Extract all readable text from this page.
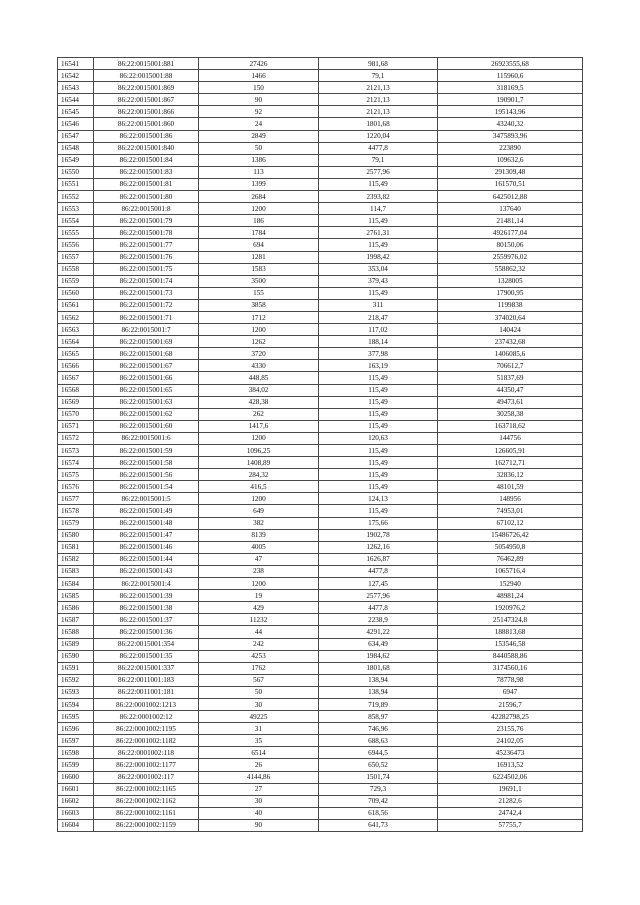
16541	86:22:0015001:881	27426	981,68	26923555,68
16542	86:22:0015001:88	1466	79,1	115960,6
16543	86:22:0015001:869	150	2121,13	318169,5
16544	86:22:0015001:867	90	2121,13	190901,7
16545	86:22:0015001:866	92	2121,13	195143,96
16546	86:22:0015001:860	24	1801,68	43240,32
16547	86:22:0015001:86	2849	1220,04	3475893,96
16548	86:22:0015001:840	50	4477,8	223890
16549	86:22:0015001:84	1386	79,1	109632,6
16550	86:22:0015001:83	113	2577,96	291309,48
16551	86:22:0015001:81	1399	115,49	161570,51
16552	86:22:0015001:80	2684	2393,82	6425012,88
16553	86:22:0015001:8	1200	114,7	137640
16554	86:22:0015001:79	186	115,49	21481,14
16555	86:22:0015001:78	1784	2761,31	4926177,04
16556	86:22:0015001:77	694	115,49	80150,06
16557	86:22:0015001:76	1281	1998,42	2559976,02
16558	86:22:0015001:75	1583	353,04	558862,32
16559	86:22:0015001:74	3500	379,43	1328005
16560	86:22:0015001:73	155	115,49	17900,95
16561	86:22:0015001:72	3858	311	1199838
16562	86:22:0015001:71	1712	218,47	374020,64
16563	86:22:0015001:7	1200	117,02	140424
16564	86:22:0015001:69	1262	188,14	237432,68
16565	86:22:0015001:68	3720	377,98	1406085,6
16566	86:22:0015001:67	4330	163,19	706612,7
16567	86:22:0015001:66	448,85	115,49	51837,69
16568	86:22:0015001:65	384,02	115,49	44350,47
16569	86:22:0015001:63	428,38	115,49	49473,61
16570	86:22:0015001:62	262	115,49	30258,38
16571	86:22:0015001:60	1417,6	115,49	163718,62
16572	86:22:0015001:6	1200	120,63	144756
16573	86:22:0015001:59	1096,25	115,49	126605,91
16574	86:22:0015001:58	1408,89	115,49	162712,71
16575	86:22:0015001:56	284,32	115,49	32836,12
16576	86:22:0015001:54	416,5	115,49	48101,59
16577	86:22:0015001:5	1200	124,13	148956
16578	86:22:0015001:49	649	115,49	74953,01
16579	86:22:0015001:48	382	175,66	67102,12
16580	86:22:0015001:47	8139	1902,78	15486726,42
16581	86:22:0015001:46	4005	1262,16	5054950,8
16582	86:22:0015001:44	47	1626,87	76462,89
16583	86:22:0015001:43	238	4477,8	1065716,4
16584	86:22:0015001:4	1200	127,45	152940
16585	86:22:0015001:39	19	2577,96	48981,24
16586	86:22:0015001:38	429	4477,8	1920976,2
16587	86:22:0015001:37	11232	2238,9	25147324,8
16588	86:22:0015001:36	44	4291,22	188813,68
16589	86:22:0015001:354	242	634,49	153546,58
16590	86:22:0015001:35	4253	1984,62	8440588,86
16591	86:22:0015001:337	1762	1801,68	3174560,16
16592	86:22:0011001:183	567	138,94	78778,98
16593	86:22:0011001:181	50	138,94	6947
16594	86:22:0001002:1213	30	719,89	21596,7
16595	86:22:0001002:12	49225	858,97	42282798,25
16596	86:22:0001002:1195	31	746,96	23155,76
16597	86:22:0001002:1182	35	688,63	24102,05
16598	86:22:0001002:118	6514	6944,5	45236473
16599	86:22:0001002:1177	26	650,52	16913,52
16600	86:22:0001002:117	4144,86	1501,74	6224502,06
16601	86:22:0001002:1165	27	729,3	19691,1
16602	86:22:0001002:1162	30	709,42	21282,6
16603	86:22:0001002:1161	40	618,56	24742,4
16604	86:22:0001002:1159	90	641,73	57755,7
